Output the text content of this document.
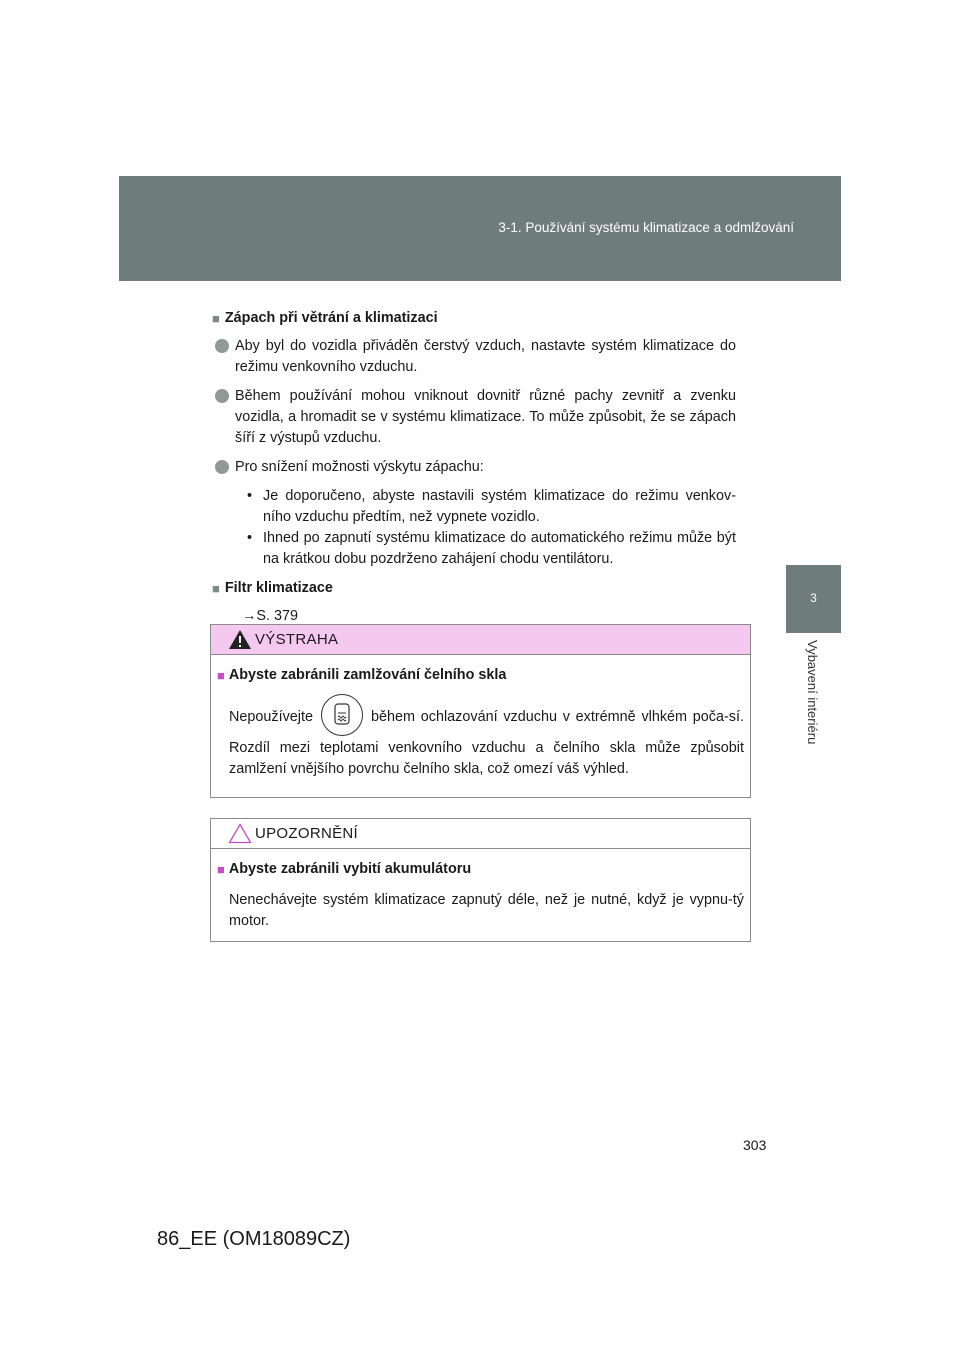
3-1. Používání systému klimatizace a odmlžování
3
Vybavení interiéru
■ Zápach při větrání a klimatizaci
Aby byl do vozidla přiváděn čerstvý vzduch, nastavte systém klimatizace do režimu venkovního vzduchu.
Během používání mohou vniknout dovnitř různé pachy zevnitř a zvenku vozidla, a hromadit se v systému klimatizace. To může způsobit, že se zápach šíří z výstupů vzduchu.
Pro snížení možnosti výskytu zápachu:
• Je doporučeno, abyste nastavili systém klimatizace do režimu venkov-ního vzduchu předtím, než vypnete vozidlo.
• Ihned po zapnutí systému klimatizace do automatického režimu může být na krátkou dobu pozdrženo zahájení chodu ventilátoru.
■ Filtr klimatizace
→S. 379
VÝSTRAHA
■ Abyste zabránili zamlžování čelního skla
Nepoužívejte	během ochlazování vzduchu v extrémně vlhkém poča-sí. Rozdíl mezi teplotami venkovního vzduchu a čelního skla může způsobit zamlžení vnějšího povrchu čelního skla, což omezí váš výhled.
UPOZORNĚNÍ
■ Abyste zabránili vybití akumulátoru
Nenechávejte systém klimatizace zapnutý déle, než je nutné, když je vypnu-tý motor.
303
86_EE (OM18089CZ)
